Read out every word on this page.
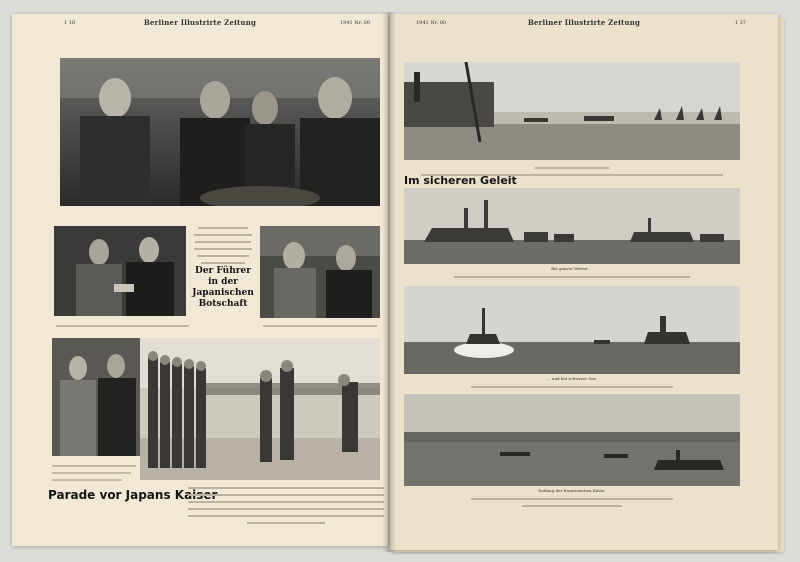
1 16	Berliner Illustrirte Zeitung	1941 Nr. 00
Der Führer
in der
Japanischen
Botschaft
Parade vor Japans Kaiser
1941 Nr. 00	Berliner Illustrirte Zeitung	1 37
Im sicheren Geleit
Bei ganzer Wetter ...
... und bei schwerer See.
Entlang der französischen Küste:
